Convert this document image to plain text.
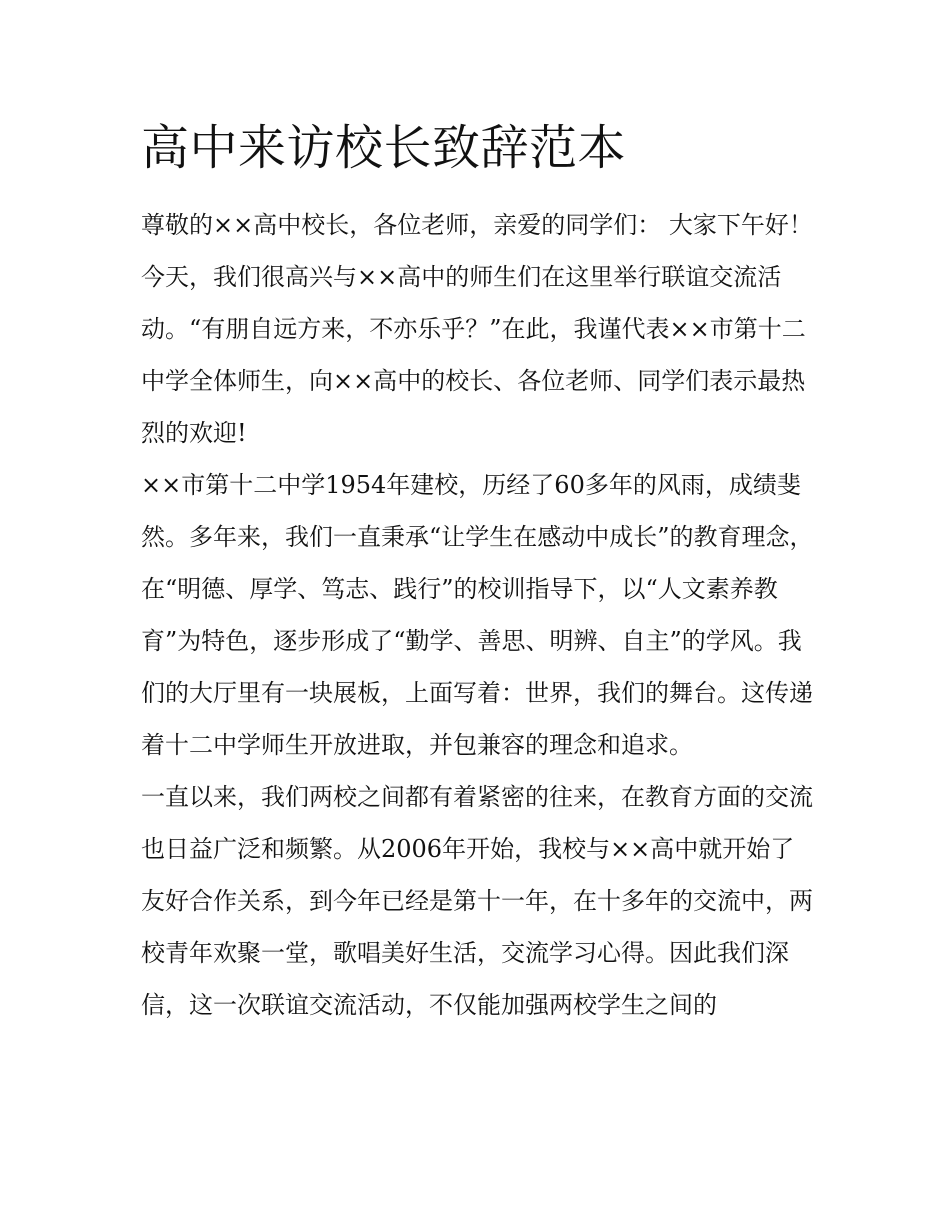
高中来访校长致辞范本

尊敬的××高中校长，各位老师，亲爱的同学们： 大家下午好！

今天，我们很高兴与××高中的师生们在这里举行联谊交流活动。“有朋自远方来，不亦乐乎？”在此，我谨代表××市第十二中学全体师生，向××高中的校长、各位老师、同学们表示最热烈的欢迎!

××市第十二中学1954年建校，历经了60多年的风雨，成绩斐然。多年来，我们一直秉承“让学生在感动中成长”的教育理念，在“明德、厚学、笃志、践行”的校训指导下，以“人文素养教育”为特色，逐步形成了“勤学、善思、明辨、自主”的学风。我们的大厅里有一块展板，上面写着：世界，我们的舞台。这传递着十二中学师生开放进取，并包兼容的理念和追求。

一直以来，我们两校之间都有着紧密的往来，在教育方面的交流也日益广泛和频繁。从2006年开始，我校与××高中就开始了友好合作关系，到今年已经是第十一年，在十多年的交流中，两校青年欢聚一堂，歌唱美好生活，交流学习心得。因此我们深信，这一次联谊交流活动，不仅能加强两校学生之间的
